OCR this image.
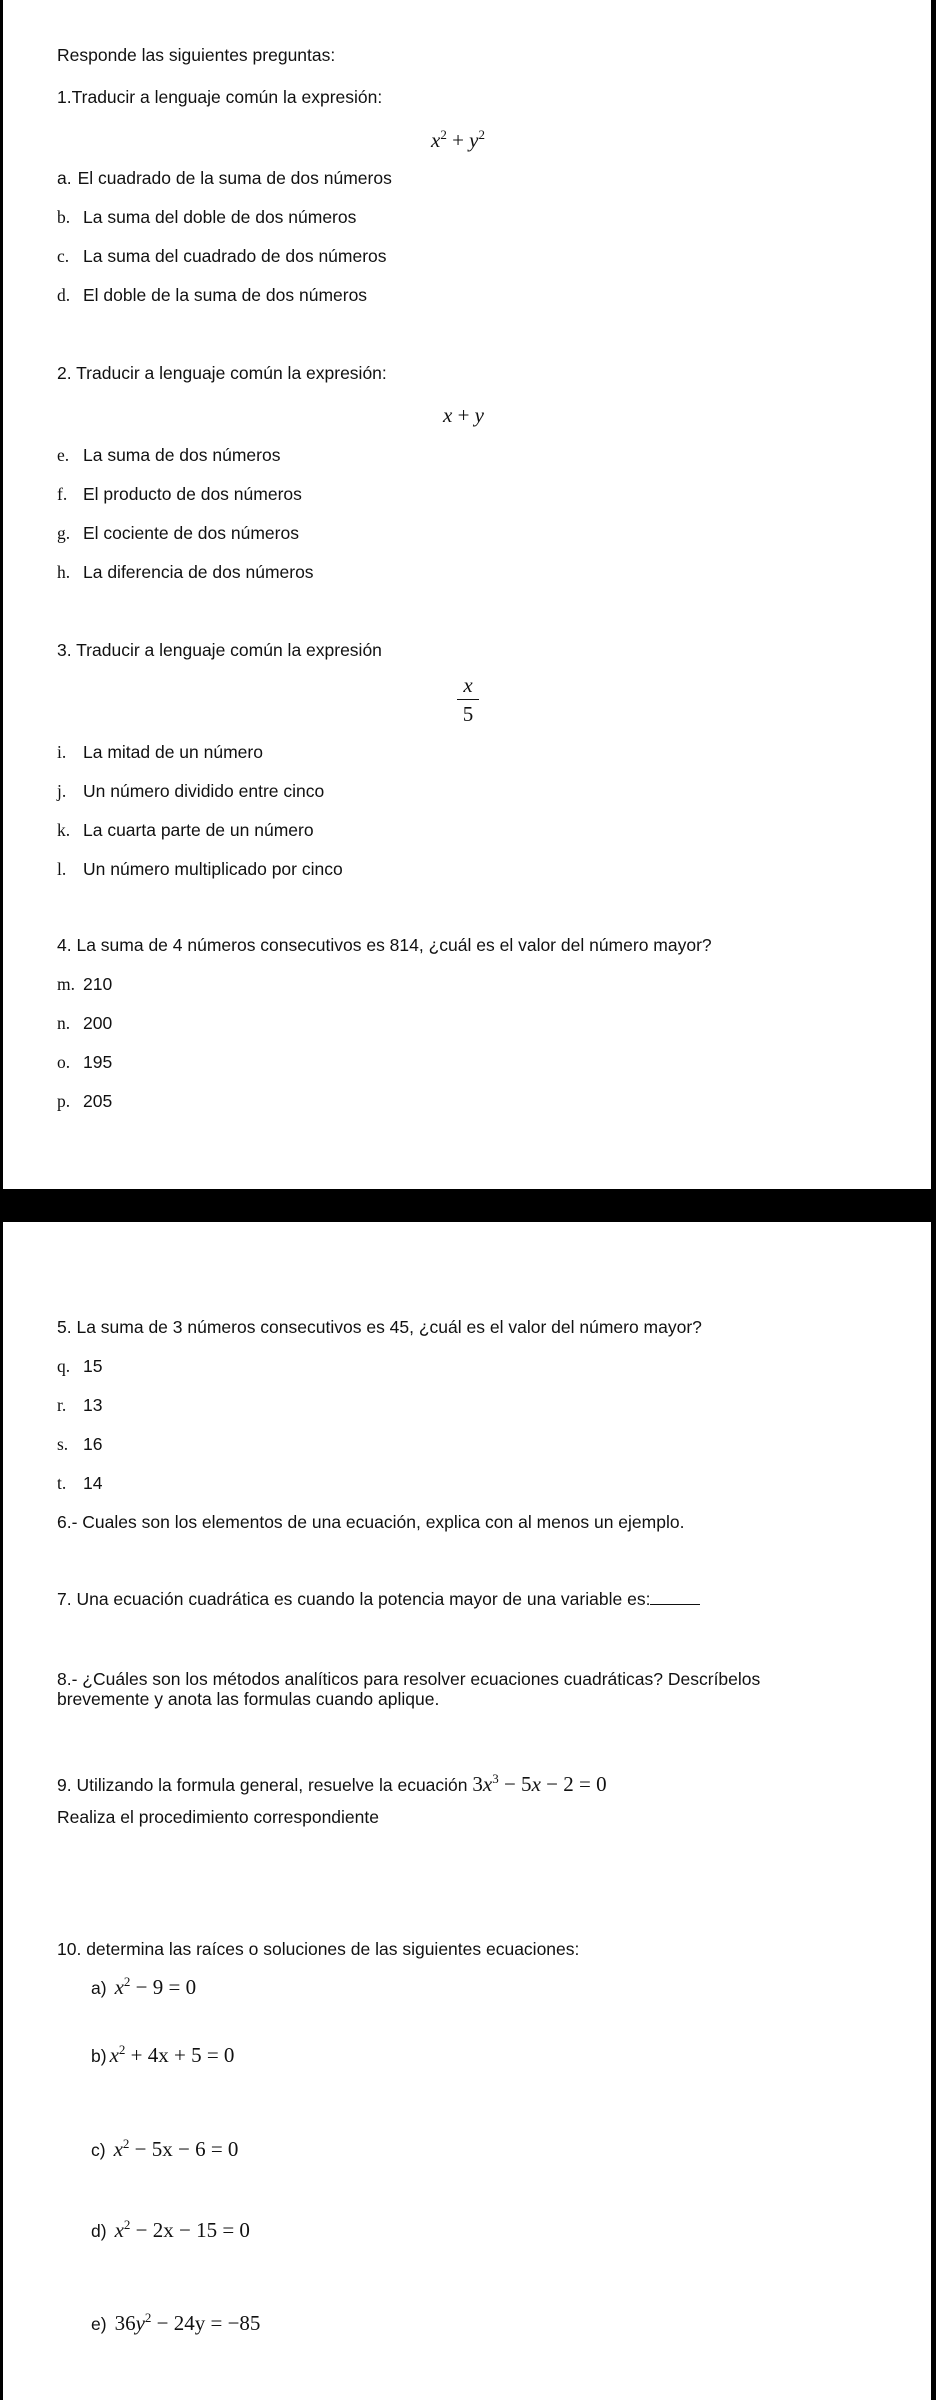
Responde las siguientes preguntas:
1.Traducir a lenguaje común la expresión:
$x^2 + y^2$
a. El cuadrado de la suma de dos números
b. La suma del doble de dos números
c. La suma del cuadrado de dos números
d. El doble de la suma de dos números
2. Traducir a lenguaje común la expresión:
x + y
e. La suma de dos números
f. El producto de dos números
g. El cociente de dos números
h. La diferencia de dos números
3. Traducir a lenguaje común la expresión
x
5
i. La mitad de un número
j. Un número dividido entre cinco
k. La cuarta parte de un número
l. Un número multiplicado por cinco
4. La suma de 4 números consecutivos es 814, ¿cuál es el valor del número mayor?
m. 210
n. 200
o. 195
p. 205
5. La suma de 3 números consecutivos es 45, ¿cuál es el valor del número mayor?
q. 15
r. 13
s. 16
t. 14
6.- Cuales son los elementos de una ecuación, explica con al menos un ejemplo.
7. Una ecuación cuadrática es cuando la potencia mayor de una variable es:
8.- ¿Cuáles son los métodos analíticos para resolver ecuaciones cuadráticas? Descríbelos brevemente y anota las formulas cuando aplique.
9. Utilizando la formula general, resuelve la ecuación $3x^3 - 5x - 2 = 0$
Realiza el procedimiento correspondiente
10. determina las raíces o soluciones de las siguientes ecuaciones:
a) $x^2 - 9 = 0$
b) $x^2 + 4x + 5 = 0$
c) $x^2 - 5x - 6 = 0$
d) $x^2 - 2x - 15 = 0$
e) $36y^2 - 24y = -85$
